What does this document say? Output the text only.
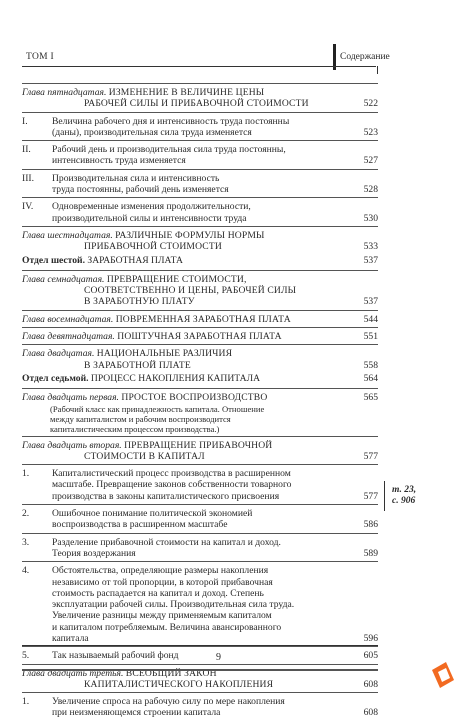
ТОМ I	Содержание
Глава пятнадцатая. ИЗМЕНЕНИЕ В ВЕЛИЧИНЕ ЦЕНЫ
РАБОЧЕЙ СИЛЫ И ПРИБАВОЧНОЙ СТОИМОСТИ	522
I.	Величина рабочего дня и интенсивность труда постоянны
(даны), производительная сила труда изменяется	523
II.	Рабочий день и производительная сила труда постоянны,
интенсивность труда изменяется	527
III.	Производительная сила и интенсивность
труда постоянны, рабочий день изменяется	528
IV.	Одновременные изменения продолжительности,
производительной силы и интенсивности труда	530
Глава шестнадцатая. РАЗЛИЧНЫЕ ФОРМУЛЫ НОРМЫ
ПРИБАВОЧНОЙ СТОИМОСТИ	533
Отдел шестой. ЗАРАБОТНАЯ ПЛАТА	537
Глава семнадцатая. ПРЕВРАЩЕНИЕ СТОИМОСТИ,
СООТВЕТСТВЕННО И ЦЕНЫ, РАБОЧЕЙ СИЛЫ
В ЗАРАБОТНУЮ ПЛАТУ	537
Глава восемнадцатая. ПОВРЕМЕННАЯ ЗАРАБОТНАЯ ПЛАТА	544
Глава девятнадцатая. ПОШТУЧНАЯ ЗАРАБОТНАЯ ПЛАТА	551
Глава двадцатая. НАЦИОНАЛЬНЫЕ РАЗЛИЧИЯ
В ЗАРАБОТНОЙ ПЛАТЕ	558
Отдел седьмой. ПРОЦЕСС НАКОПЛЕНИЯ КАПИТАЛА	564
Глава двадцать первая. ПРОСТОЕ ВОСПРОИЗВОДСТВО	565
(Рабочий класс как принадлежность капитала. Отношение
между капиталистом и рабочим воспроизводится
капиталистическим процессом производства.)
Глава двадцать вторая. ПРЕВРАЩЕНИЕ ПРИБАВОЧНОЙ
СТОИМОСТИ В КАПИТАЛ	577
1.	Капиталистический процесс производства в расширенном
масштабе. Превращение законов собственности товарного
производства в законы капиталистического присвоения	577
2.	Ошибочное понимание политической экономией
воспроизводства в расширенном масштабе	586
3.	Разделение прибавочной стоимости на капитал и доход.
Теория воздержания	589
4.	Обстоятельства, определяющие размеры накопления
независимо от той пропорции, в которой прибавочная
стоимость распадается на капитал и доход. Степень
эксплуатации рабочей силы. Производительная сила труда.
Увеличение разницы между применяемым капиталом
и капиталом потребляемым. Величина авансированного
капитала	596
5.	Так называемый рабочий фонд	605
Глава двадцать третья. ВСЕОБЩИЙ ЗАКОН
КАПИТАЛИСТИЧЕСКОГО НАКОПЛЕНИЯ	608
1.	Увеличение спроса на рабочую силу по мере накопления
при неизменяющемся строении капитала	608
т. 23,
с. 906
9
